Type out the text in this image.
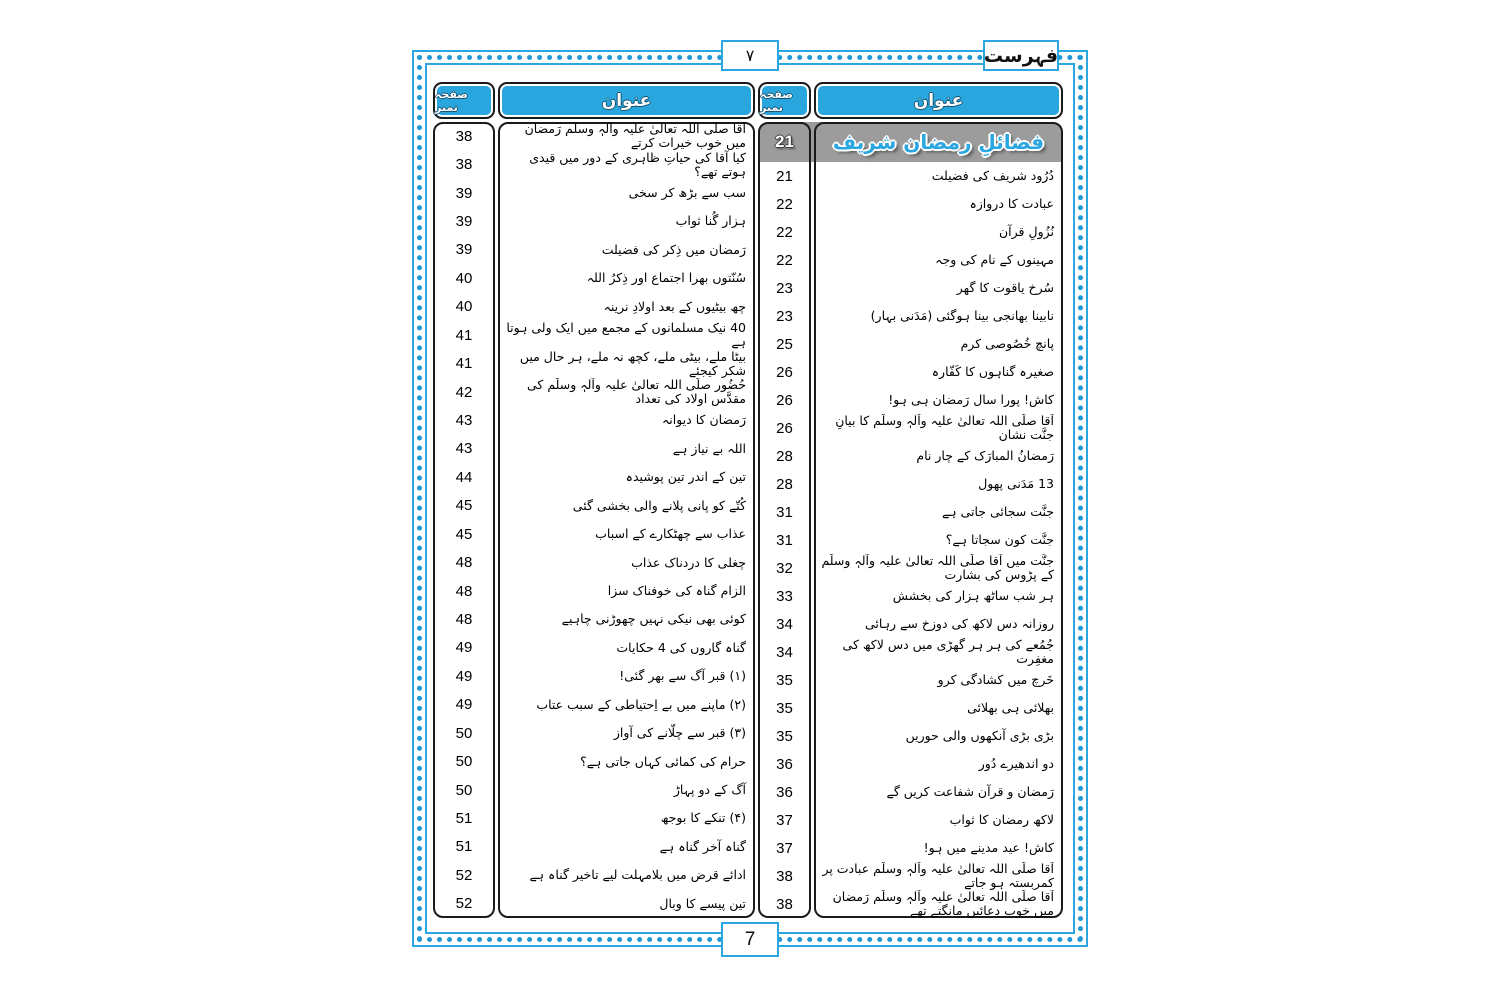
۷	فہرست
7
صفحہ نمبر	عنوان	صفحہ نمبر	عنوان
38	آقا صلَّی اللہ تعالیٰ علیہ وآلہٖ وسلَّم رَمضان میں خوب خیرات کرتے
38	کیا آقا کی حیاتِ ظاہری کے دور میں قیدی ہوتے تھے؟
39	سب سے بڑھ کر سخی
39	ہزار گُنا ثواب
39	رَمضان میں ذِکر کی فضیلت
40	سُنّتوں بھرا اجتماع اور ذِکرُ اللہ
40	چھ بیٹیوں کے بعد اولادِ نرینہ
41	40 نیک مسلمانوں کے مجمع میں ایک ولی ہوتا ہے
41	بیٹا ملے، بیٹی ملے، کچھ نہ ملے، ہر حال میں شکر کیجئے
42	حُضُور صلَّی اللہ تعالیٰ علیہ وآلہٖ وسلَّم کی مقدَّس اولاد کی تعداد
43	رَمضان کا دیوانہ
43	اللہ بے نیاز ہے
44	تین کے اندر تین پوشیدہ
45	کُتّے کو پانی پلانے والی بخشی گئی
45	عذاب سے چھٹکارے کے اسباب
48	چغلی کا دردناک عذاب
48	الزام گناہ کی خوفناک سزا
48	کوئی بھی نیکی نہیں چھوڑنی چاہیے
49	گناہ گاروں کی 4 حکایات
49	(۱) قبر آگ سے بھر گئی!
49	(۲) ماپنے میں بے اِحتیاطی کے سبب عتاب
50	(۳) قبر سے چلّانے کی آواز
50	حرام کی کمائی کہاں جاتی ہے؟
50	آگ کے دو پہاڑ
51	(۴) تنکے کا بوجھ
51	گناہ آخر گناہ ہے
52	ادائے قرض میں بلامہلت لیے تاخیر گناہ ہے
52	تین پیسے کا وبال
21	فضائلِ رمضان شریف
21	دُرُود شریف کی فضیلت
22	عبادت کا دروازہ
22	نُزُولِ قرآن
22	مہینوں کے نام کی وجہ
23	سُرخ یاقوت کا گھر
23	نابینا بھانجی بینا ہوگئی (مَدَنی بہار)
25	پانچ خُصُوصی کرم
26	صغیرہ گناہوں کا کَفّارہ
26	کاش! پورا سال رَمضان ہی ہو!
26	آقا صلَّی اللہ تعالیٰ علیہ وآلہٖ وسلَّم کا بیانِ جنَّت نشان
28	رَمضانُ المبارَک کے چار نام
28	13 مَدَنی پھول
31	جنَّت سجائی جاتی ہے
31	جنَّت کون سجاتا ہے؟
32	جنَّت میں آقا صلَّی اللہ تعالیٰ علیہ وآلہٖ وسلَّم کے پڑوس کی بشارت
33	ہر شب ساٹھ ہزار کی بخشش
34	روزانہ دس لاکھ کی دوزخ سے رہائی
34	جُمُعے کی ہر ہر گھڑی میں دس لاکھ کی مغفِرت
35	خَرچ میں کشادگی کرو
35	بھلائی ہی بھلائی
35	بڑی بڑی آنکھوں والی حوریں
36	دو اندھیرے دُور
36	رَمضان و قرآن شفاعت کریں گے
37	لاکھ رمضان کا ثواب
37	کاش! عید مدینے میں ہو!
38	آقا صلَّی اللہ تعالیٰ علیہ وآلہٖ وسلَّم عبادت پر کمربستہ ہو جاتے
38	آقا صلَّی اللہ تعالیٰ علیہ وآلہٖ وسلَّم رَمضان میں خوب دعائیں مانگتے تھے
